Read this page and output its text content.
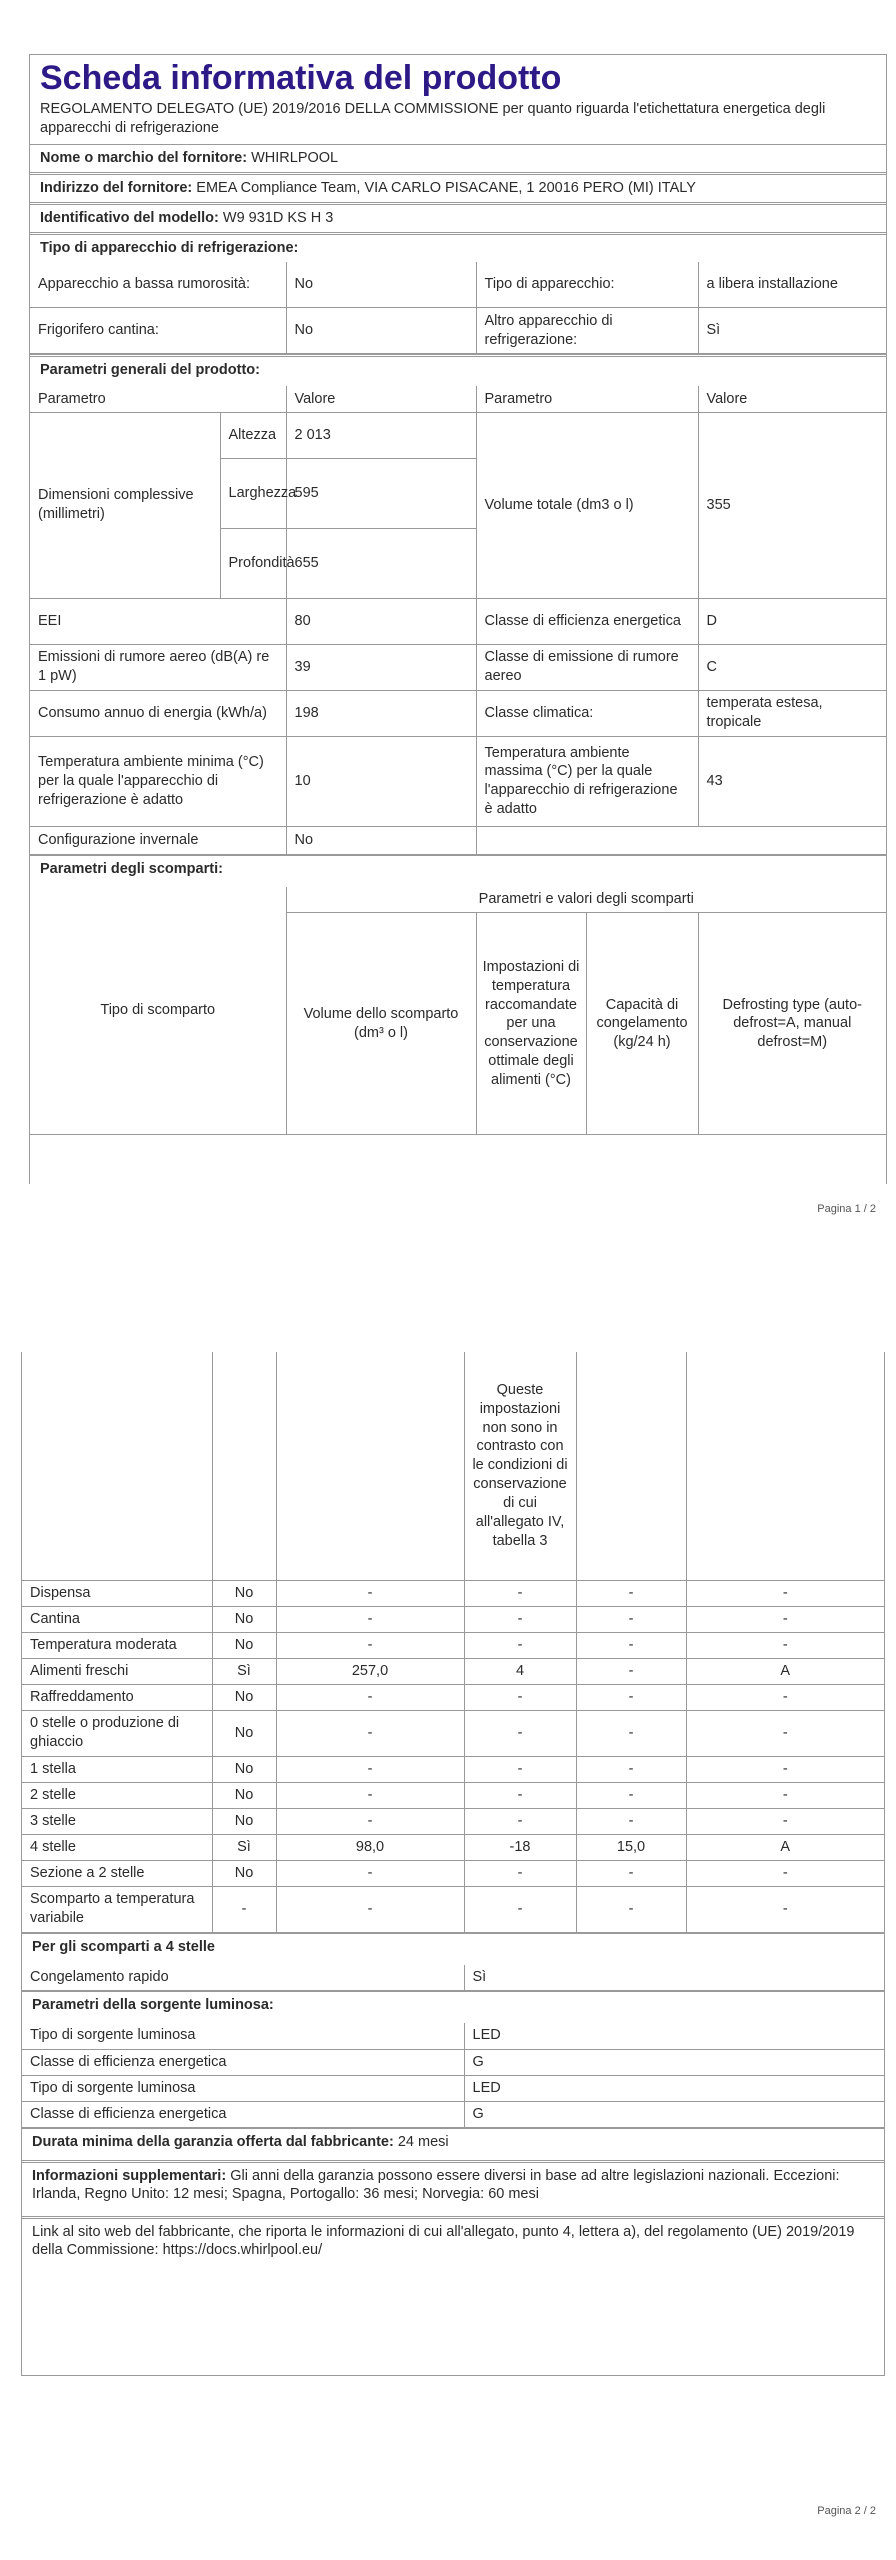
Scheda informativa del prodotto
REGOLAMENTO DELEGATO (UE) 2019/2016 DELLA COMMISSIONE per quanto riguarda l'etichettatura energetica degli apparecchi di refrigerazione
Nome o marchio del fornitore: WHIRLPOOL
Indirizzo del fornitore: EMEA Compliance Team, VIA CARLO PISACANE, 1 20016 PERO (MI) ITALY
Identificativo del modello: W9 931D KS H 3
Tipo di apparecchio di refrigerazione:
Apparecchio a bassa rumorosità:	No	Tipo di apparecchio:	a libera installazione
Frigorifero cantina:	No	Altro apparecchio di refrigerazione:	Sì
Parametri generali del prodotto:
Parametro		Valore	Parametro	Valore
Dimensioni complessive (millimetri)	Altezza	2 013	Volume totale (dm3 o l)	355
	Larghezza	595		
	Profondità	655		
EEI		80	Classe di efficienza energetica	D
Emissioni di rumore aereo (dB(A) re 1 pW)		39	Classe di emissione di rumore aereo	C
Consumo annuo di energia (kWh/a)		198	Classe climatica:	temperata estesa, tropicale
Temperatura ambiente minima (°C) per la quale l'apparecchio di refrigerazione è adatto		10	Temperatura ambiente massima (°C) per la quale l'apparecchio di refrigerazione è adatto	43
Configurazione invernale		No		
Parametri degli scomparti:
Tipo di scomparto	Parametri e valori degli scomparti			
	Volume dello scomparto (dm³ o l)	Impostazioni di temperatura raccomandate per una conservazione ottimale degli alimenti (°C)	Capacità di congelamento (kg/24 h)	Defrosting type (auto-defrost=A, manual defrost=M)
Pagina 1 / 2
			Queste impostazioni non sono in contrasto con le condizioni di conservazione di cui all'allegato IV, tabella 3		
Dispensa	No	-	-	-	-
Cantina	No	-	-	-	-
Temperatura moderata	No	-	-	-	-
Alimenti freschi	Sì	257,0	4	-	A
Raffreddamento	No	-	-	-	-
0 stelle o produzione di ghiaccio	No	-	-	-	-
1 stella	No	-	-	-	-
2 stelle	No	-	-	-	-
3 stelle	No	-	-	-	-
4 stelle	Sì	98,0	-18	15,0	A
Sezione a 2 stelle	No	-	-	-	-
Scomparto a temperatura variabile	-	-	-	-	-
Per gli scomparti a 4 stelle
Congelamento rapido	Sì
Parametri della sorgente luminosa:
Tipo di sorgente luminosa	LED
Classe di efficienza energetica	G
Tipo di sorgente luminosa	LED
Classe di efficienza energetica	G
Durata minima della garanzia offerta dal fabbricante: 24 mesi
Informazioni supplementari: Gli anni della garanzia possono essere diversi in base ad altre legislazioni nazionali. Eccezioni: Irlanda, Regno Unito: 12 mesi; Spagna, Portogallo: 36 mesi; Norvegia: 60 mesi
Link al sito web del fabbricante, che riporta le informazioni di cui all'allegato, punto 4, lettera a), del regolamento (UE) 2019/2019 della Commissione: https://docs.whirlpool.eu/
Pagina 2 / 2
